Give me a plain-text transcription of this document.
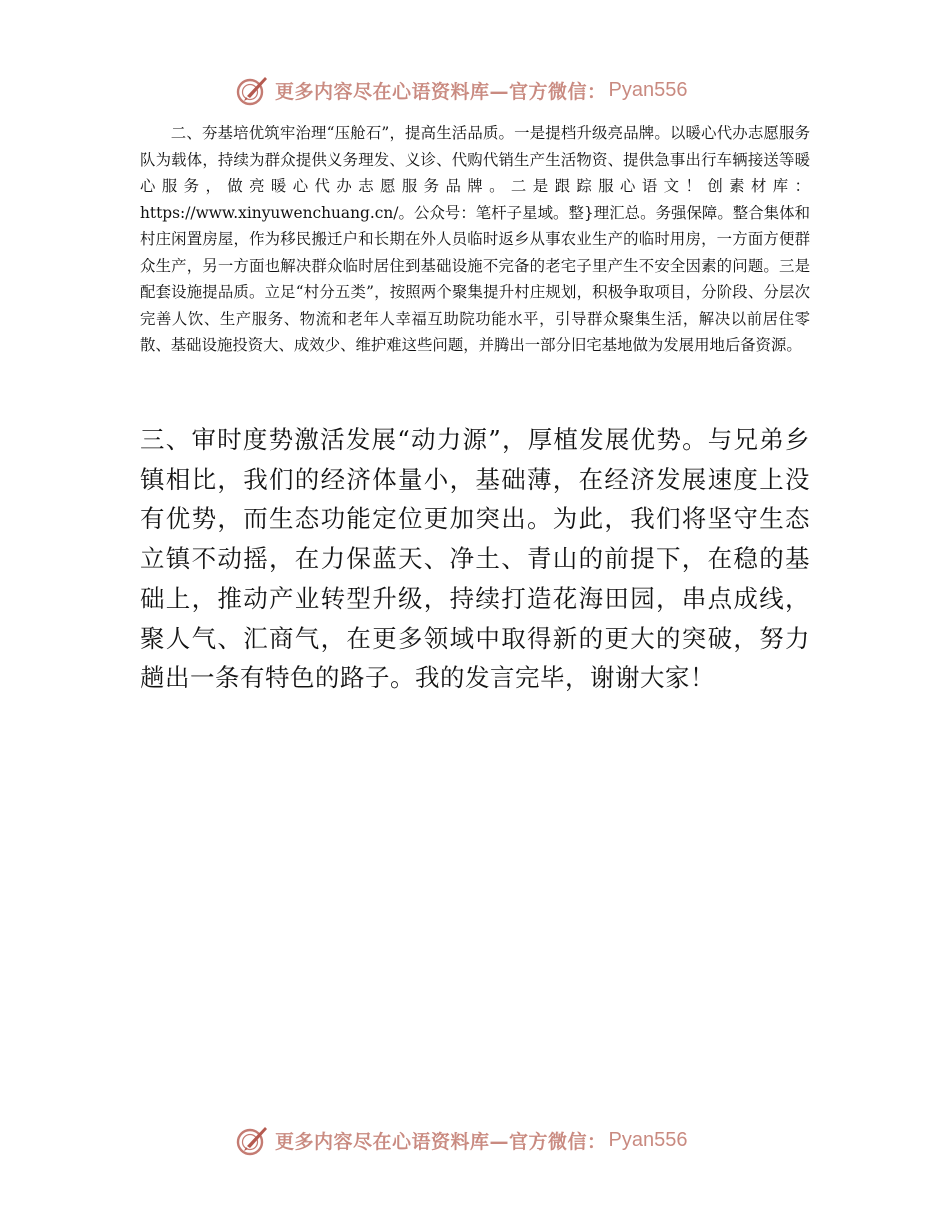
更多内容尽在心语资料库—官方微信： Pyan556

二、夯基培优筑牢治理“压舱石”，提高生活品质。一是提档升级亮品牌。以暖心代办志愿服务队为载体，持续为群众提供义务理发、义诊、代购代销生产生活物资、提供急事出行车辆接送等暖心服务，做亮暖心代办志愿服务品牌。二是跟踪服心语文！创素材库：https://www.xinyuwenchuang.cn/。公众号：笔杆子星域。整}理汇总。务强保障。整合集体和村庄闲置房屋，作为移民搬迁户和长期在外人员临时返乡从事农业生产的临时用房，一方面方便群众生产，另一方面也解决群众临时居住到基础设施不完备的老宅子里产生不安全因素的问题。三是配套设施提品质。立足“村分五类”，按照两个聚集提升村庄规划，积极争取项目，分阶段、分层次完善人饮、生产服务、物流和老年人幸福互助院功能水平，引导群众聚集生活，解决以前居住零散、基础设施投资大、成效少、维护难这些问题，并腾出一部分旧宅基地做为发展用地后备资源。

三、审时度势激活发展“动力源”，厚植发展优势。与兄弟乡镇相比，我们的经济体量小，基础薄，在经济发展速度上没有优势，而生态功能定位更加突出。为此，我们将坚守生态立镇不动摇，在力保蓝天、净土、青山的前提下，在稳的基础上，推动产业转型升级，持续打造花海田园，串点成线，聚人气、汇商气，在更多领域中取得新的更大的突破，努力趟出一条有特色的路子。我的发言完毕，谢谢大家！

更多内容尽在心语资料库—官方微信： Pyan556
